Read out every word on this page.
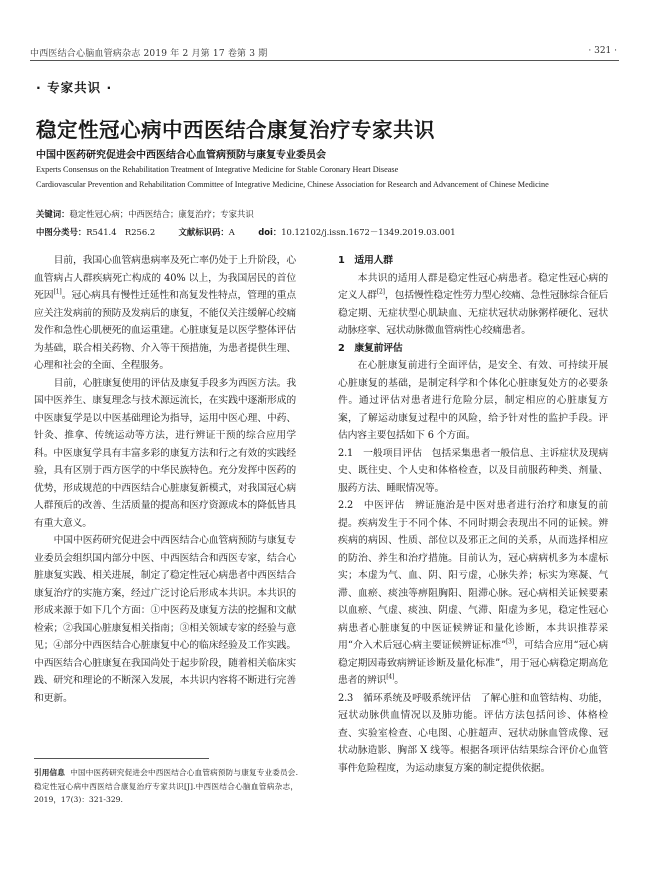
中西医结合心脑血管病杂志 2019 年 2 月第 17 卷第 3 期	· 321 ·
· 专家共识 ·
稳定性冠心病中西医结合康复治疗专家共识
中国中医药研究促进会中西医结合心血管病预防与康复专业委员会
Experts Consensus on the Rehabilitation Treatment of Integrative Medicine for Stable Coronary Heart Disease
Cardiovascular Prevention and Rehabilitation Committee of Integrative Medicine, Chinese Association for Research and Advancement of Chinese Medicine
关键词：稳定性冠心病；中西医结合；康复治疗；专家共识
中图分类号：R541.4　R256.2	文献标识码：A	doi：10.12102/j.issn.1672－1349.2019.03.001

目前，我国心血管病患病率及死亡率仍处于上升阶段，心血管病占人群疾病死亡构成的 40% 以上，为我国居民的首位死因[1]。冠心病具有慢性迁延性和高复发性特点，管理的重点应关注发病前的预防及发病后的康复，不能仅关注缓解心绞痛发作和急性心肌梗死的血运重建。心脏康复是以医学整体评估为基础，联合相关药物、介入等干预措施，为患者提供生理、心理和社会的全面、全程服务。

目前，心脏康复使用的评估及康复手段多为西医方法。我国中医养生、康复理念与技术源远流长，在实践中逐渐形成的中医康复学是以中医基础理论为指导，运用中医心理、中药、针灸、推拿、传统运动等方法，进行辨证干预的综合应用学科。中医康复学具有丰富多彩的康复方法和行之有效的实践经验，具有区别于西方医学的中华民族特色。充分发挥中医药的优势，形成规范的中西医结合心脏康复新模式，对我国冠心病人群预后的改善、生活质量的提高和医疗资源成本的降低皆具有重大意义。

中国中医药研究促进会中西医结合心血管病预防与康复专业委员会组织国内部分中医、中西医结合和西医专家，结合心脏康复实践、相关进展，制定了稳定性冠心病患者中西医结合康复治疗的实施方案，经过广泛讨论后形成本共识。本共识的形成来源于如下几个方面：①中医药及康复方法的挖掘和文献检索；②我国心脏康复相关指南；③相关领域专家的经验与意见；④部分中西医结合心脏康复中心的临床经验及工作实践。中西医结合心脏康复在我国尚处于起步阶段，随着相关临床实践、研究和理论的不断深入发展，本共识内容将不断进行完善和更新。

1　适用人群

本共识的适用人群是稳定性冠心病患者。稳定性冠心病的定义人群[2]，包括慢性稳定性劳力型心绞痛、急性冠脉综合征后稳定期、无症状型心肌缺血、无症状冠状动脉粥样硬化、冠状动脉痉挛、冠状动脉微血管病性心绞痛患者。

2　康复前评估

在心脏康复前进行全面评估，是安全、有效、可持续开展心脏康复的基础，是制定科学和个体化心脏康复处方的必要条件。通过评估对患者进行危险分层，制定相应的心脏康复方案，了解运动康复过程中的风险，给予针对性的监护手段。评估内容主要包括如下 6 个方面。

2.1　一般项目评估　包括采集患者一般信息、主诉症状及现病史、既往史、个人史和体格检查，以及目前服药种类、剂量、服药方法、睡眠情况等。

2.2　中医评估　辨证施治是中医对患者进行治疗和康复的前提。疾病发生于不同个体、不同时期会表现出不同的证候。辨疾病的病因、性质、部位以及邪正之间的关系，从而选择相应的防治、养生和治疗措施。目前认为，冠心病病机多为本虚标实；本虚为气、血、阴、阳亏虚，心脉失养；标实为寒凝、气滞、血瘀、痰浊等痹阻胸阳、阻滞心脉。冠心病相关证候要素以血瘀、气虚、痰浊、阴虚、气滞、阳虚为多见，稳定性冠心病患者心脏康复的中医证候辨证和量化诊断，本共识推荐采用“介入术后冠心病主要证候辨证标准”[3]，可结合应用“冠心病稳定期因毒致病辨证诊断及量化标准”，用于冠心病稳定期高危患者的辨识[4]。

2.3　循环系统及呼吸系统评估　了解心脏和血管结构、功能，冠状动脉供血情况以及肺功能。评估方法包括问诊、体格检查、实验室检查、心电图、心脏超声、冠状动脉血管成像、冠状动脉造影、胸部 X 线等。根据各项评估结果综合评价心血管事件危险程度，为运动康复方案的制定提供依据。

引用信息 中国中医药研究促进会中西医结合心血管病预防与康复专业委员会.稳定性冠心病中西医结合康复治疗专家共识[J].中西医结合心脑血管病杂志，2019，17(3)：321-329.
